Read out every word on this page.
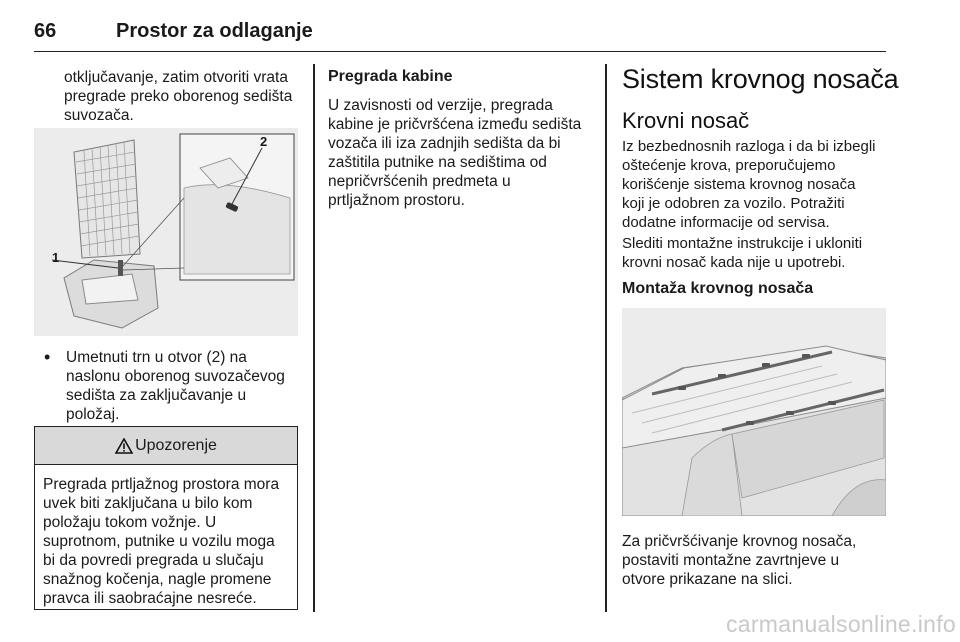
66	Prostor za odlaganje
otključavanje, zatim otvoriti vrata
pregrade preko oborenog sedišta
suvozača.
1
2
• Umetnuti trn u otvor (2) na
naslonu oborenog suvozačevog
sedišta za zaključavanje u
položaj.
Upozorenje
Pregrada prtljažnog prostora mora
uvek biti zaključana u bilo kom
položaju tokom vožnje. U
suprotnom, putnike u vozilu moga
bi da povredi pregrada u slučaju
snažnog kočenja, nagle promene
pravca ili saobraćajne nesreće.
Pregrada kabine
U zavisnosti od verzije, pregrada
kabine je pričvršćena između sedišta
vozača ili iza zadnjih sedišta da bi
zaštitila putnike na sedištima od
nepričvršćenih predmeta u
prtljažnom prostoru.
Sistem krovnog nosača
Krovni nosač
Iz bezbednosnih razloga i da bi izbegli
oštećenje krova, preporučujemo
korišćenje sistema krovnog nosača
koji je odobren za vozilo. Potražiti
dodatne informacije od servisa.
Slediti montažne instrukcije i ukloniti
krovni nosač kada nije u upotrebi.
Montaža krovnog nosača
Za pričvršćivanje krovnog nosača,
postaviti montažne zavrtnjeve u
otvore prikazane na slici.
carmanualsonline.info
